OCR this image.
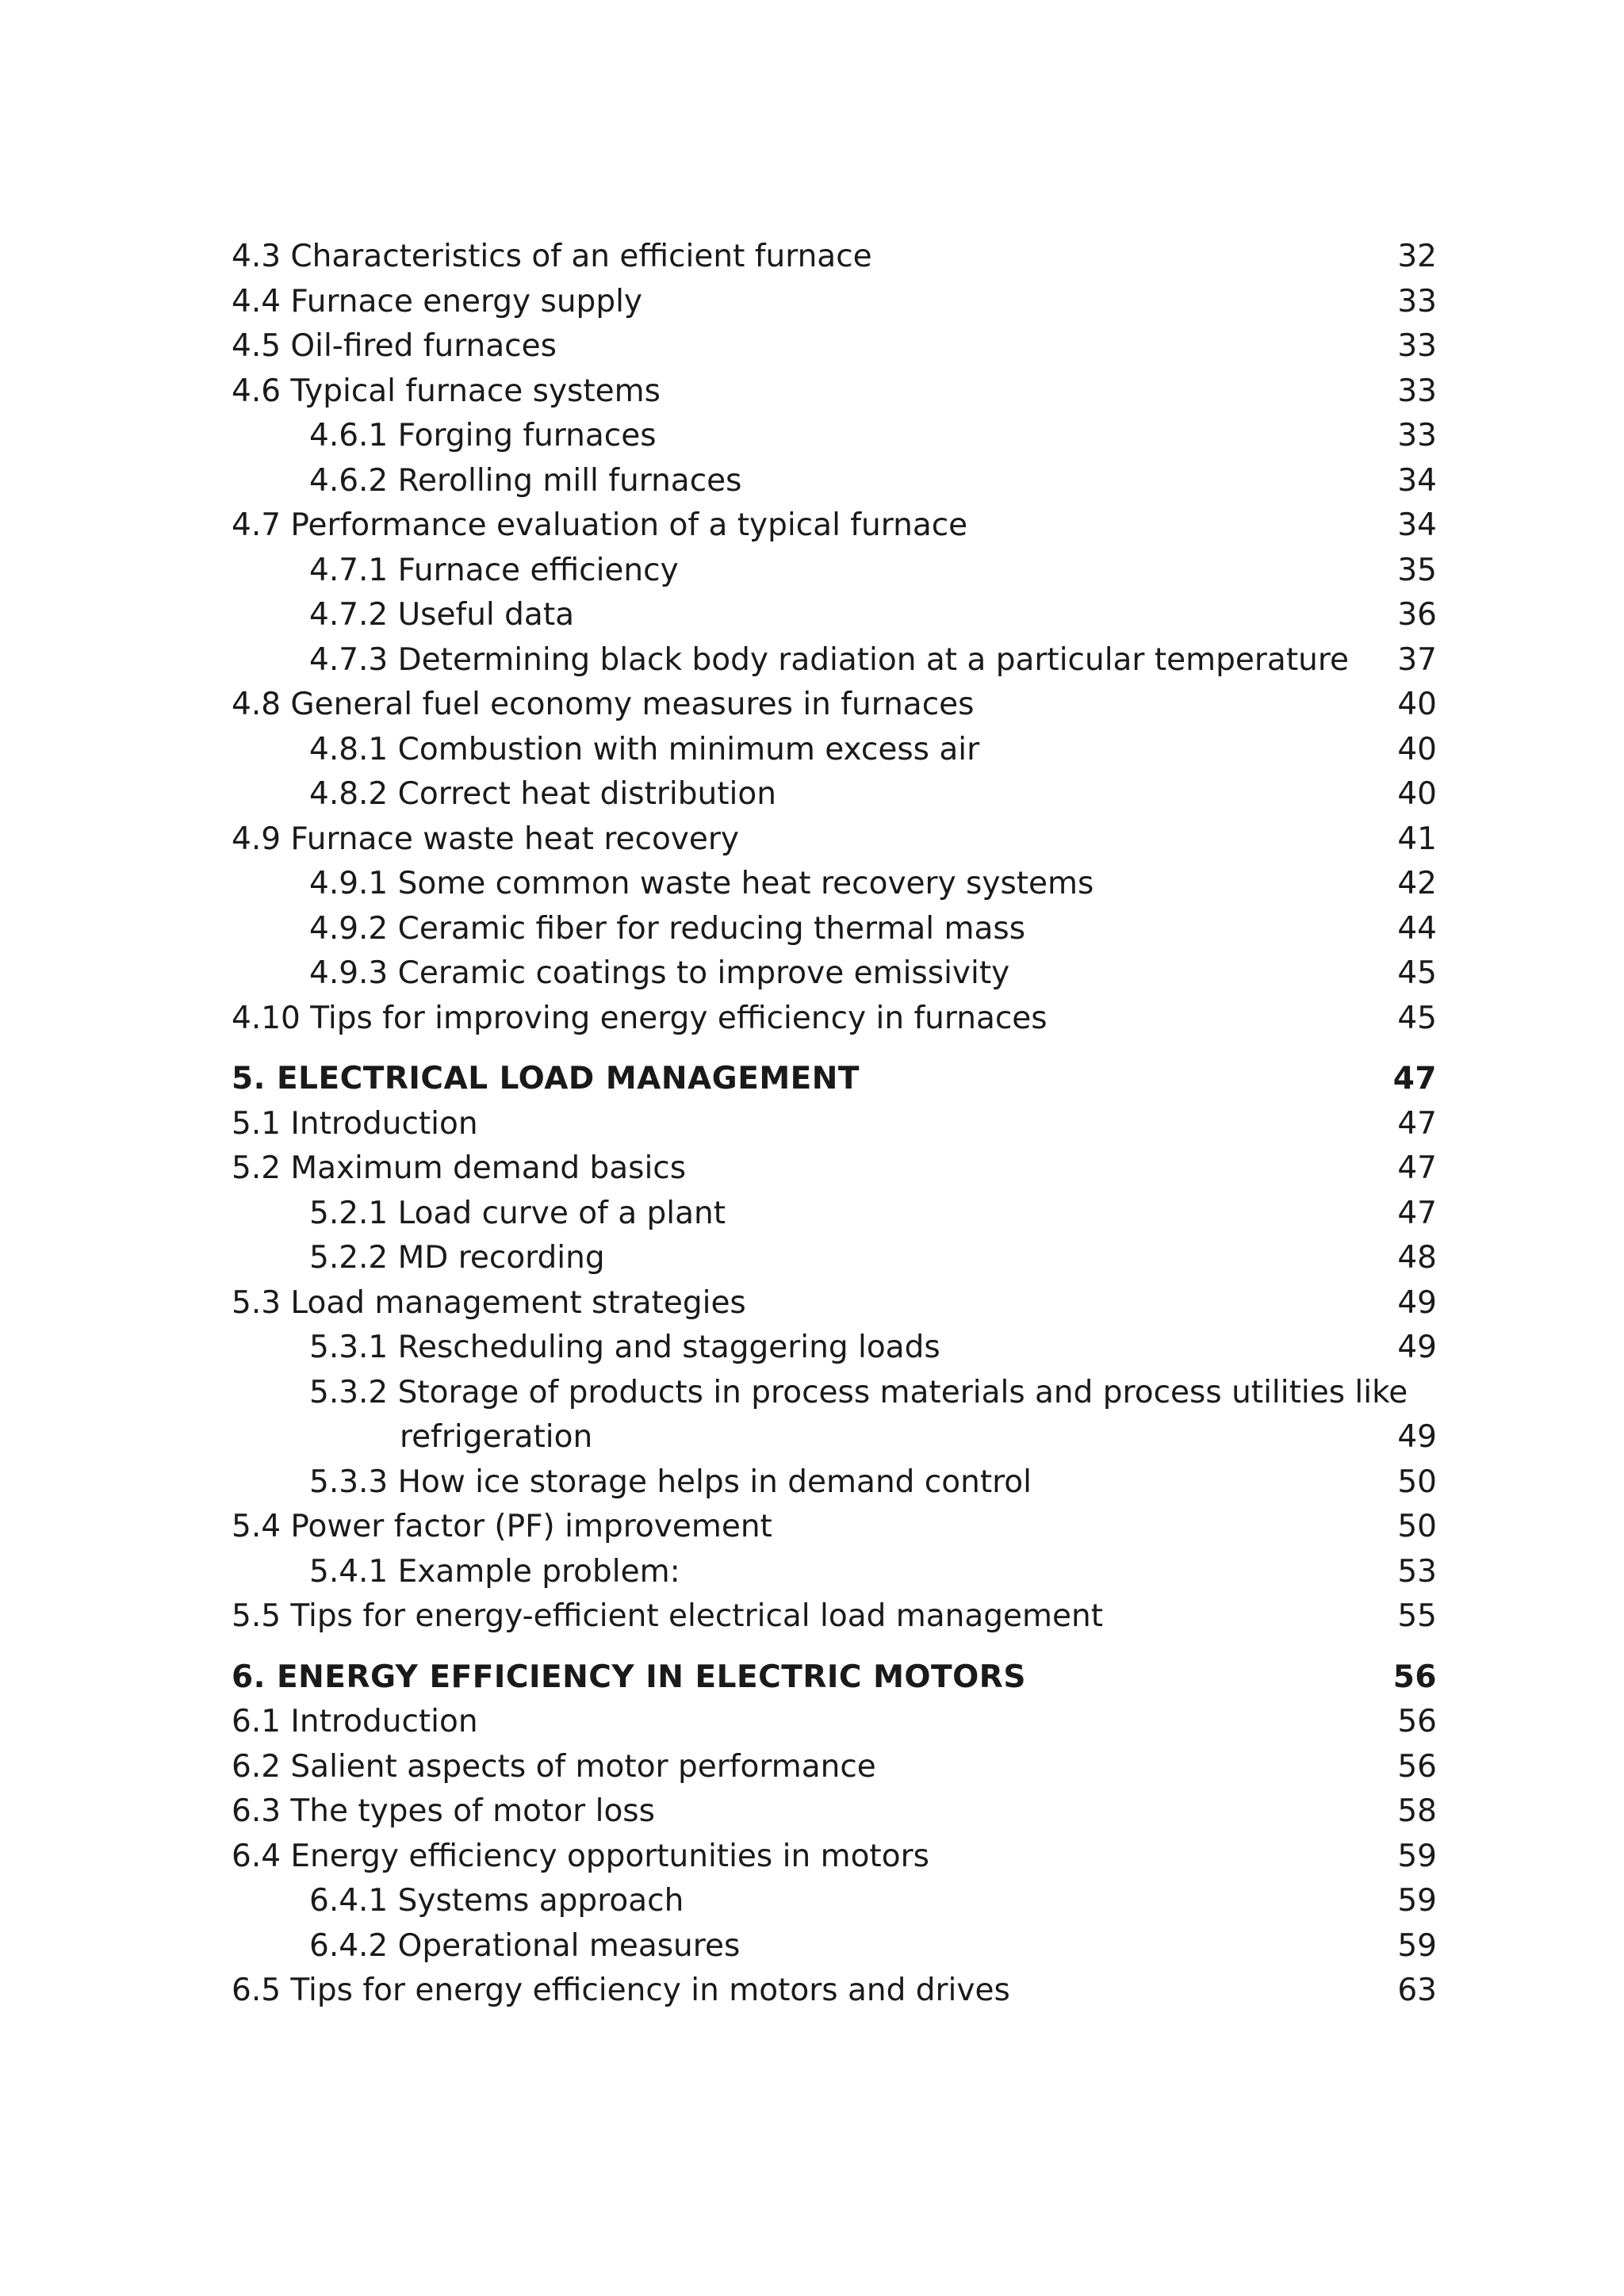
4.3 Characteristics of an efficient furnace	32
4.4 Furnace energy supply	33
4.5 Oil-fired furnaces	33
4.6 Typical furnace systems	33
4.6.1 Forging furnaces	33
4.6.2 Rerolling mill furnaces	34
4.7 Performance evaluation of a typical furnace	34
4.7.1 Furnace efficiency	35
4.7.2 Useful data	36
4.7.3 Determining black body radiation at a particular temperature 37
4.8 General fuel economy measures in furnaces	40
4.8.1 Combustion with minimum excess air	40
4.8.2 Correct heat distribution	40
4.9 Furnace waste heat recovery	41
4.9.1 Some common waste heat recovery systems	42
4.9.2 Ceramic fiber for reducing thermal mass	44
4.9.3 Ceramic coatings to improve emissivity	45
4.10 Tips for improving energy efficiency in furnaces	45
5. ELECTRICAL LOAD MANAGEMENT	47
5.1 Introduction	47
5.2 Maximum demand basics	47
5.2.1 Load curve of a plant	47
5.2.2 MD recording	48
5.3 Load management strategies	49
5.3.1 Rescheduling and staggering loads	49
5.3.2 Storage of products in process materials and process utilities like
refrigeration	49
5.3.3 How ice storage helps in demand control	50
5.4 Power factor (PF) improvement	50
5.4.1 Example problem:	53
5.5 Tips for energy-efficient electrical load management	55
6. ENERGY EFFICIENCY IN ELECTRIC MOTORS	56
6.1 Introduction	56
6.2 Salient aspects of motor performance	56
6.3 The types of motor loss	58
6.4 Energy efficiency opportunities in motors	59
6.4.1 Systems approach	59
6.4.2 Operational measures	59
6.5 Tips for energy efficiency in motors and drives	63
